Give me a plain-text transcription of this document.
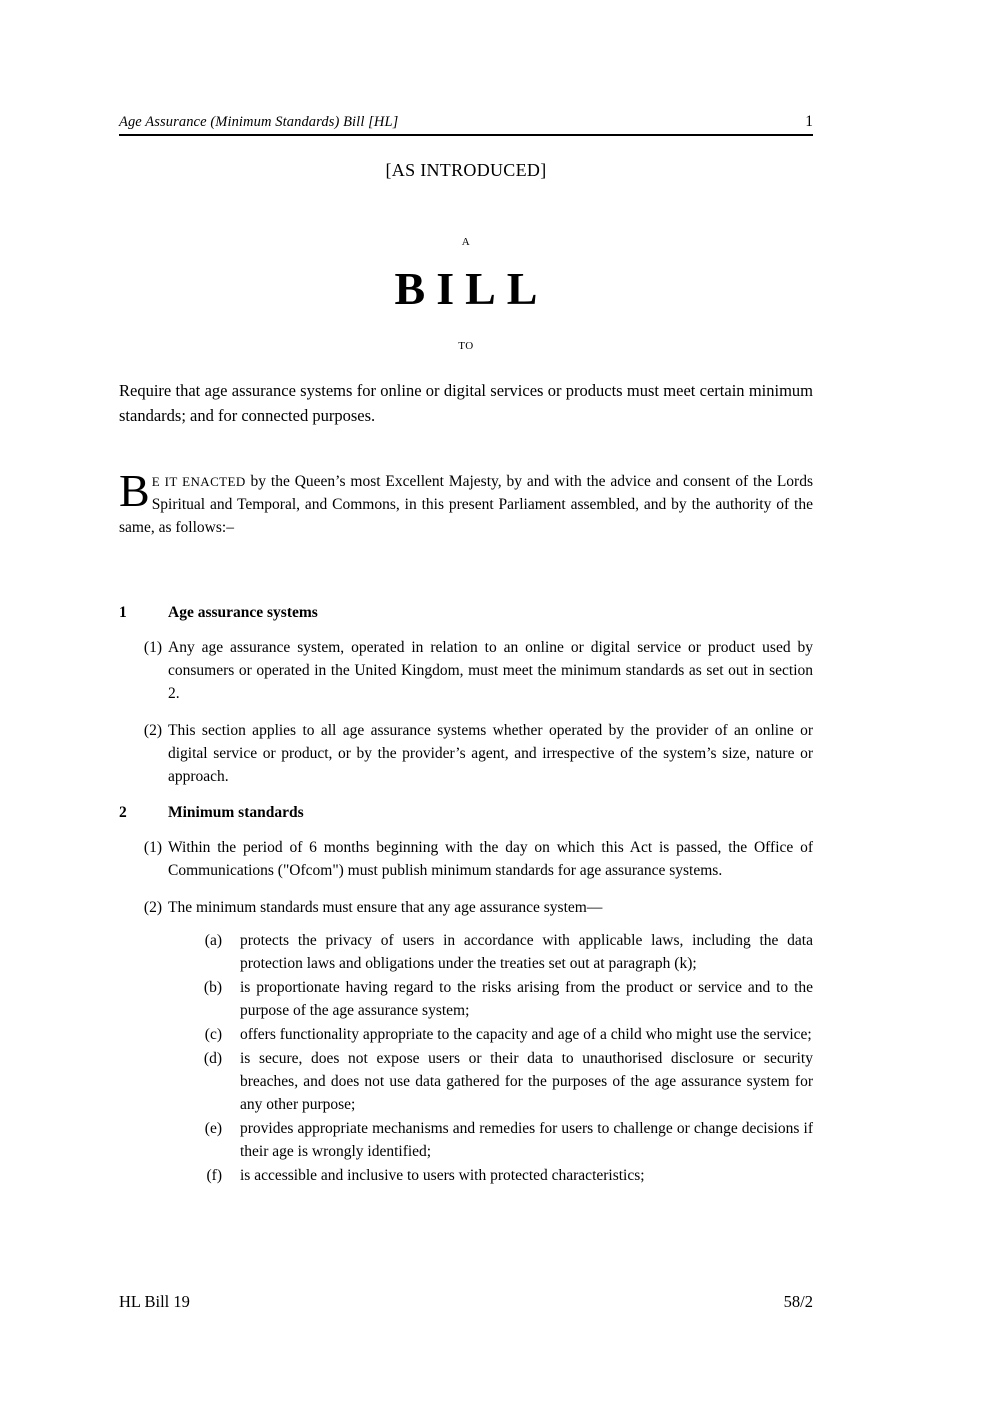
Age Assurance (Minimum Standards) Bill [HL]	1
[AS INTRODUCED]
A
BILL
TO
Require that age assurance systems for online or digital services or products must meet certain minimum standards; and for connected purposes.
B E IT ENACTED by the Queen’s most Excellent Majesty, by and with the advice and consent of the Lords Spiritual and Temporal, and Commons, in this present Parliament assembled, and by the authority of the same, as follows:–
1	Age assurance systems
(1) Any age assurance system, operated in relation to an online or digital service or product used by consumers or operated in the United Kingdom, must meet the minimum standards as set out in section 2.
(2) This section applies to all age assurance systems whether operated by the provider of an online or digital service or product, or by the provider’s agent, and irrespective of the system’s size, nature or approach.
2	Minimum standards
(1) Within the period of 6 months beginning with the day on which this Act is passed, the Office of Communications ("Ofcom") must publish minimum standards for age assurance systems.
(2) The minimum standards must ensure that any age assurance system—
(a) protects the privacy of users in accordance with applicable laws, including the data protection laws and obligations under the treaties set out at paragraph (k);
(b) is proportionate having regard to the risks arising from the product or service and to the purpose of the age assurance system;
(c) offers functionality appropriate to the capacity and age of a child who might use the service;
(d) is secure, does not expose users or their data to unauthorised disclosure or security breaches, and does not use data gathered for the purposes of the age assurance system for any other purpose;
(e) provides appropriate mechanisms and remedies for users to challenge or change decisions if their age is wrongly identified;
(f) is accessible and inclusive to users with protected characteristics;
HL Bill 19	58/2
